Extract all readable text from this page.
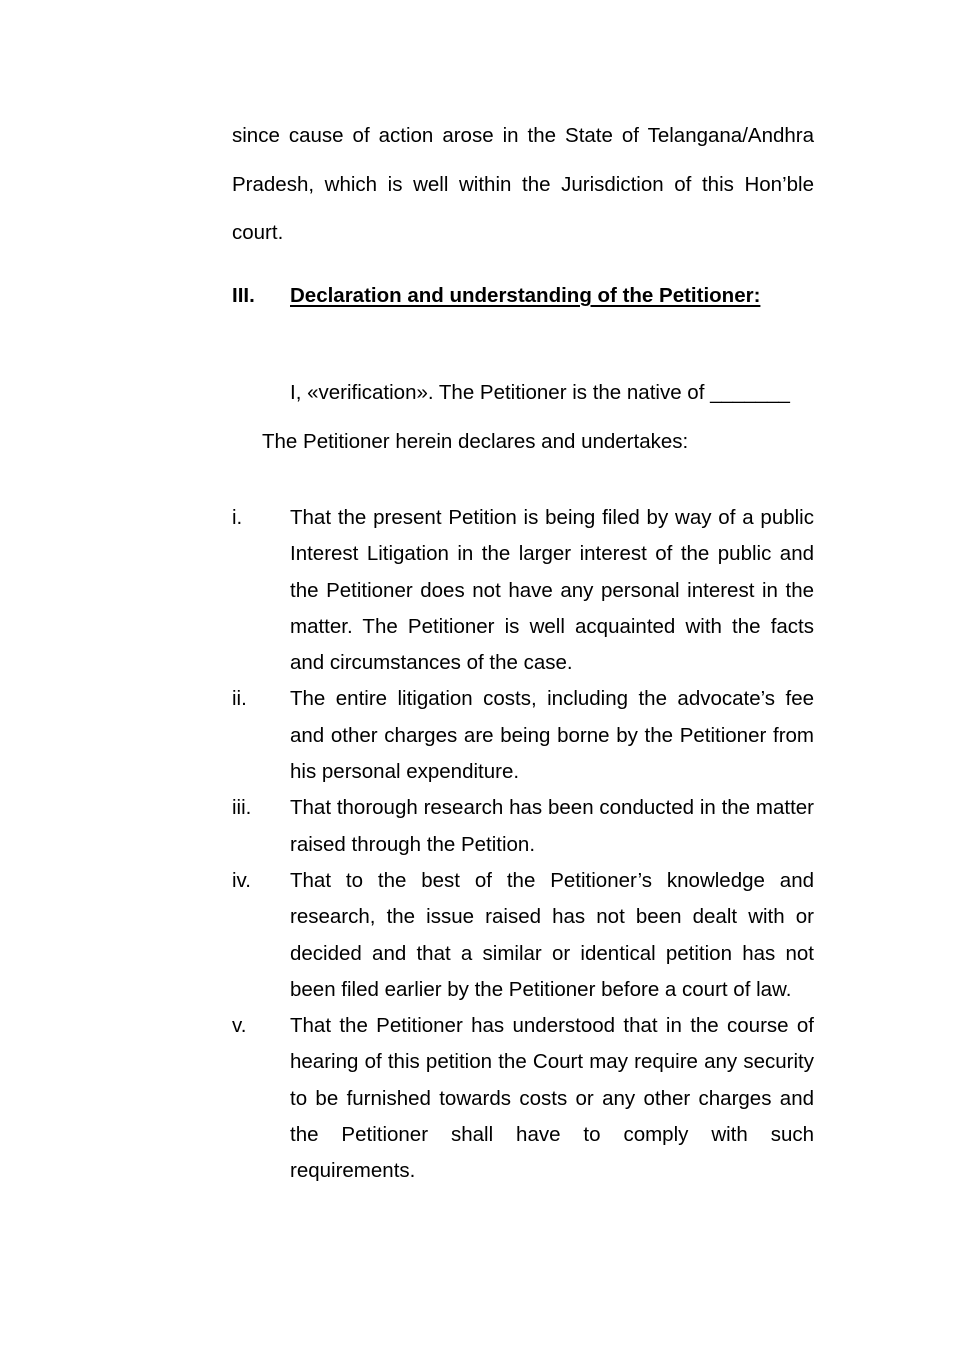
since cause of action arose in the State of Telangana/Andhra Pradesh, which is well within the Jurisdiction of this Hon’ble court.

III. Declaration and understanding of the Petitioner:

I, «verification». The Petitioner is the native of _______

The Petitioner herein declares and undertakes:

i. That the present Petition is being filed by way of a public Interest Litigation in the larger interest of the public and the Petitioner does not have any personal interest in the matter. The Petitioner is well acquainted with the facts and circumstances of the case.
ii. The entire litigation costs, including the advocate’s fee and other charges are being borne by the Petitioner from his personal expenditure.
iii. That thorough research has been conducted in the matter raised through the Petition.
iv. That to the best of the Petitioner’s knowledge and research, the issue raised has not been dealt with or decided and that a similar or identical petition has not been filed earlier by the Petitioner before a court of law.
v. That the Petitioner has understood that in the course of hearing of this petition the Court may require any security to be furnished towards costs or any other charges and the Petitioner shall have to comply with such requirements.
